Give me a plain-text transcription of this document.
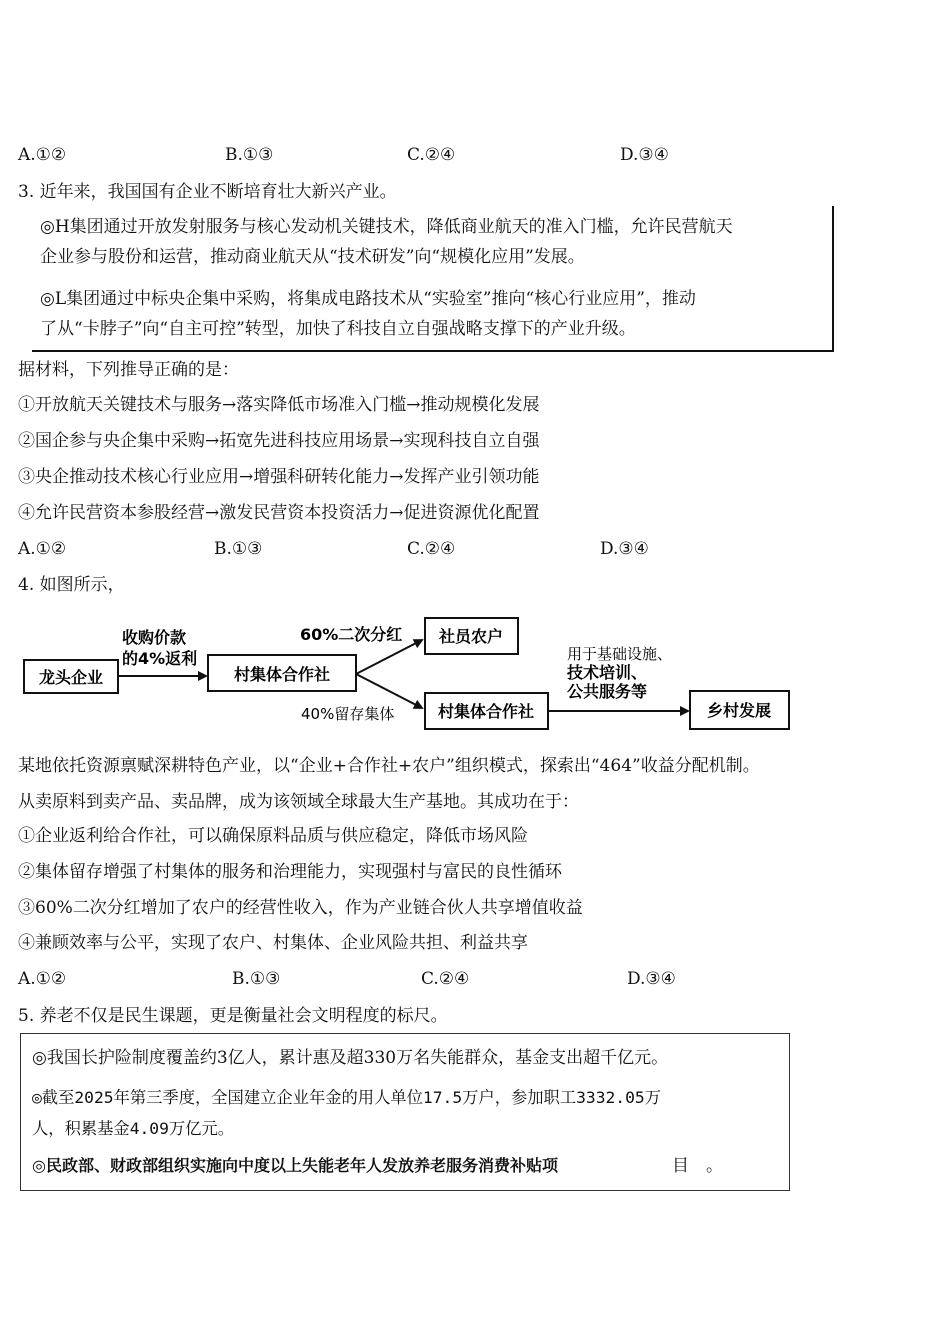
A.①②	B.①③	C.②④	D.③④
3. 近年来，我国国有企业不断培育壮大新兴产业。
◎H集团通过开放发射服务与核心发动机关键技术，降低商业航天的准入门槛，允许民营航天
企业参与股份和运营，推动商业航天从“技术研发”向“规模化应用”发展。
◎L集团通过中标央企集中采购，将集成电路技术从“实验室”推向“核心行业应用”，推动
了从“卡脖子”向“自主可控”转型，加快了科技自立自强战略支撑下的产业升级。
据材料，下列推导正确的是：
①开放航天关键技术与服务→落实降低市场准入门槛→推动规模化发展
②国企参与央企集中采购→拓宽先进科技应用场景→实现科技自立自强
③央企推动技术核心行业应用→增强科研转化能力→发挥产业引领功能
④允许民营资本参股经营→激发民营资本投资活力→促进资源优化配置
A.①②	B.①③	C.②④	D.③④
4. 如图所示，
龙头企业	村集体合作社
社员农户
村集体合作社	乡村发展
收购价款
的4%返利
60%二次分红
40%留存集体
用于基础设施、
技术培训、
公共服务等
某地依托资源禀赋深耕特色产业，以“企业+合作社+农户”组织模式，探索出“464”收益分配机制。
从卖原料到卖产品、卖品牌，成为该领域全球最大生产基地。其成功在于：
①企业返利给合作社，可以确保原料品质与供应稳定，降低市场风险
②集体留存增强了村集体的服务和治理能力，实现强村与富民的良性循环
③60%二次分红增加了农户的经营性收入，作为产业链合伙人共享增值收益
④兼顾效率与公平，实现了农户、村集体、企业风险共担、利益共享
A.①②	B.①③	C.②④	D.③④
5. 养老不仅是民生课题，更是衡量社会文明程度的标尺。
◎我国长护险制度覆盖约3亿人，累计惠及超330万名失能群众，基金支出超千亿元。
◎截至2025年第三季度，全国建立企业年金的用人单位17.5万户，参加职工3332.05万
人，积累基金4.09万亿元。
◎民政部、财政部组织实施向中度以上失能老年人发放养老服务消费补贴项	目 。
